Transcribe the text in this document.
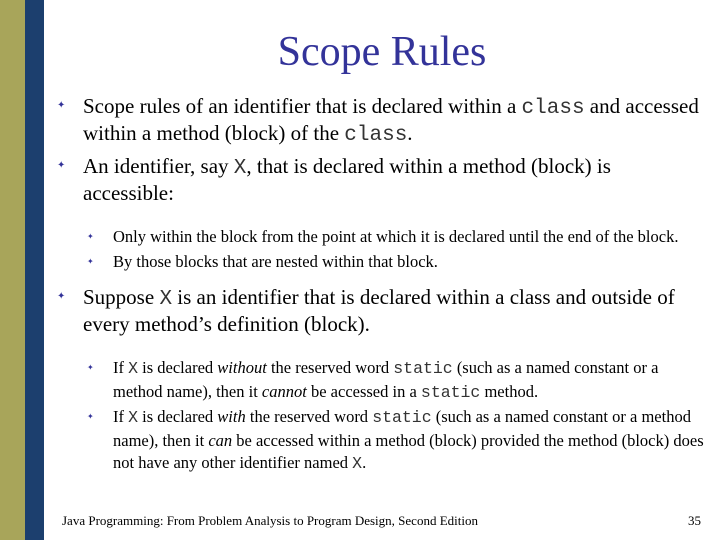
Scope Rules
✦ Scope rules of an identifier that is declared within a class and accessed within a method (block) of the class.
✦ An identifier, say X, that is declared within a method (block) is accessible:
✦ Only within the block from the point at which it is declared until the end of the block.
✦ By those blocks that are nested within that block.
✦ Suppose X is an identifier that is declared within a class and outside of every method’s definition (block).
✦ If X is declared without the reserved word static (such as a named constant or a method name), then it cannot be accessed in a static method.
✦ If X is declared with the reserved word static (such as a named constant or a method name), then it can be accessed within a method (block) provided the method (block) does not have any other identifier named X.
Java Programming: From Problem Analysis to Program Design, Second Edition	35
